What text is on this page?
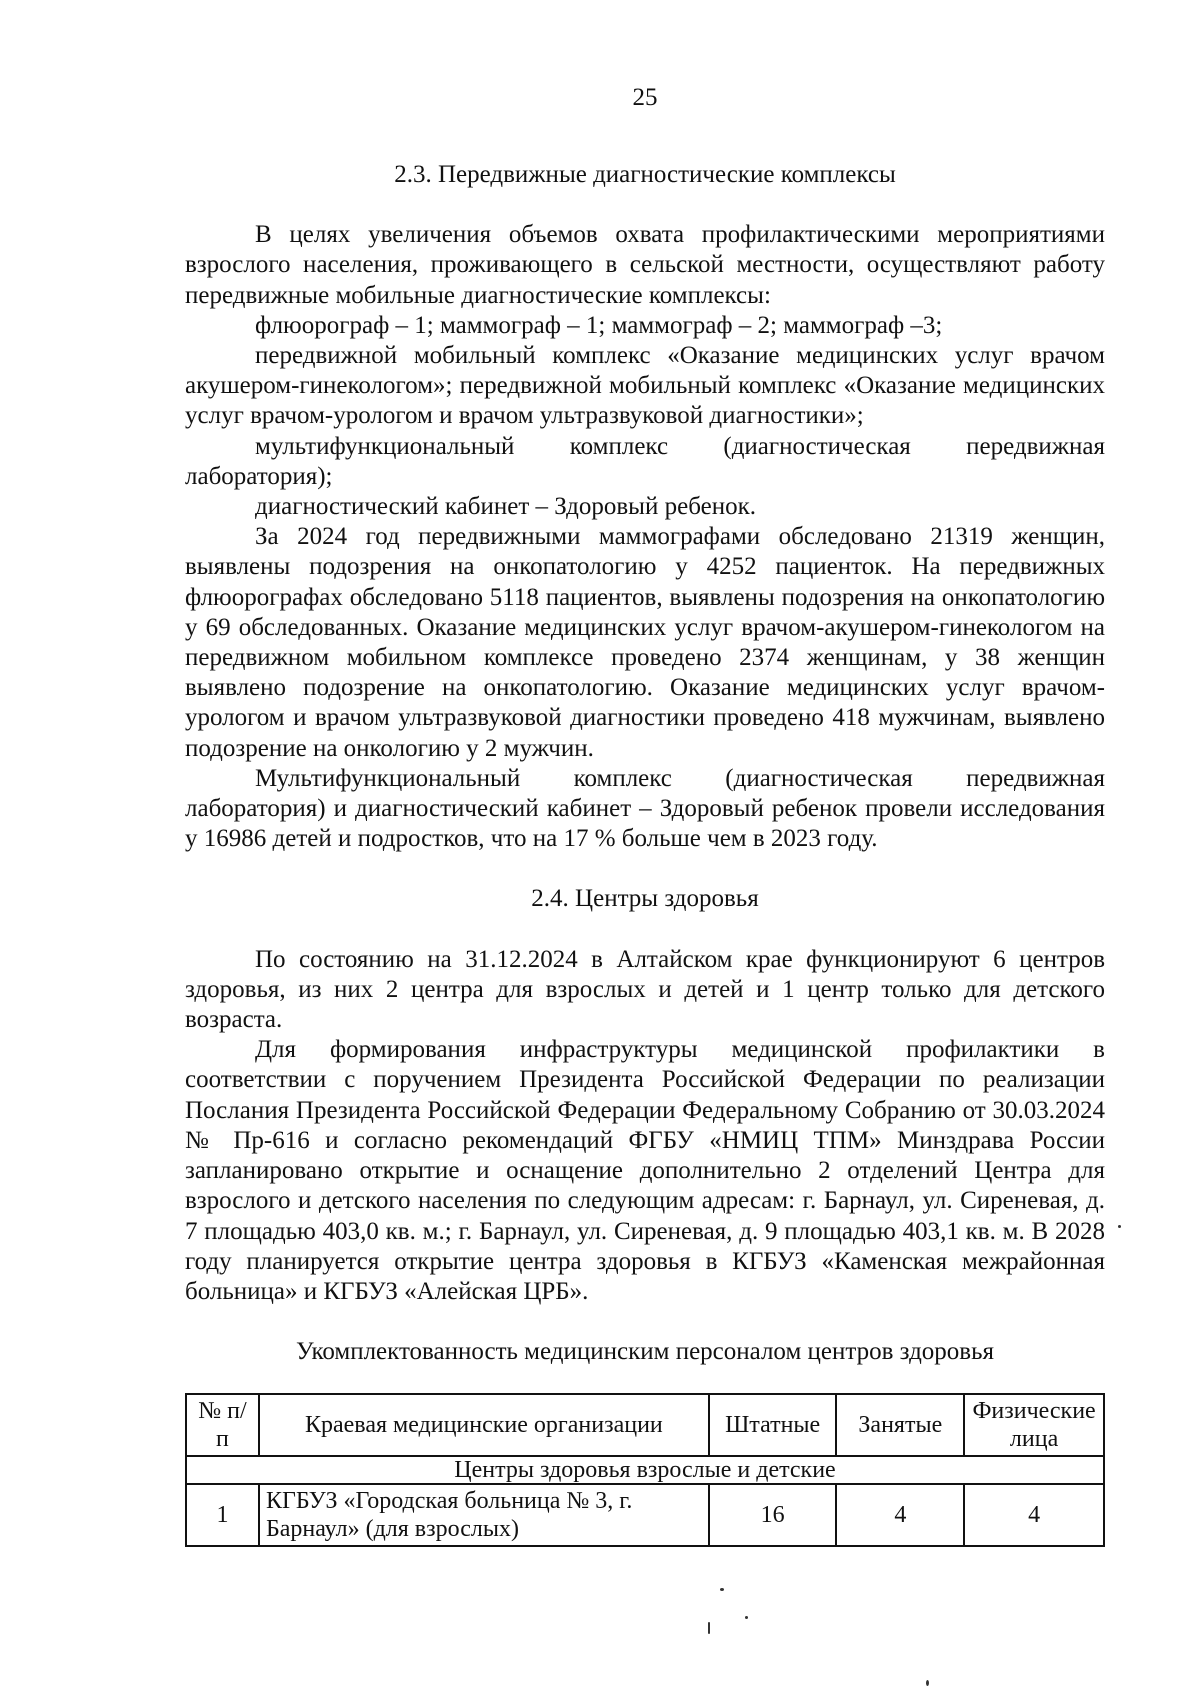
25
2.3. Передвижные диагностические комплексы

В целях увеличения объемов охвата профилактическими мероприятиями взрослого населения, проживающего в сельской местности, осуществляют работу передвижные мобильные диагностические комплексы:

флюорограф – 1; маммограф – 1; маммограф – 2; маммограф –3;

передвижной мобильный комплекс «Оказание медицинских услуг врачом акушером-гинекологом»; передвижной мобильный комплекс «Оказание медицинских услуг врачом-урологом и врачом ультразвуковой диагностики»;

мультифункциональный комплекс (диагностическая передвижная лаборатория);

диагностический кабинет – Здоровый ребенок.

За 2024 год передвижными маммографами обследовано 21319 женщин, выявлены подозрения на онкопатологию у 4252 пациенток. На передвижных флюорографах обследовано 5118 пациентов, выявлены подозрения на онкопатологию у 69 обследованных. Оказание медицинских услуг врачом-акушером-гинекологом на передвижном мобильном комплексе проведено 2374 женщинам, у 38 женщин выявлено подозрение на онкопатологию. Оказание медицинских услуг врачом-урологом и врачом ультразвуковой диагностики проведено 418 мужчинам, выявлено подозрение на онкологию у 2 мужчин.

Мультифункциональный комплекс (диагностическая передвижная лаборатория) и диагностический кабинет – Здоровый ребенок провели исследования у 16986 детей и подростков, что на 17 % больше чем в 2023 году.

2.4. Центры здоровья

По состоянию на 31.12.2024 в Алтайском крае функционируют 6 центров здоровья, из них 2 центра для взрослых и детей и 1 центр только для детского возраста.

Для формирования инфраструктуры медицинской профилактики в соответствии с поручением Президента Российской Федерации по реализации Послания Президента Российской Федерации Федеральному Собранию от 30.03.2024 № Пр-616 и согласно рекомендаций ФГБУ «НМИЦ ТПМ» Минздрава России запланировано открытие и оснащение дополнительно 2 отделений Центра для взрослого и детского населения по следующим адресам: г. Барнаул, ул. Сиреневая, д. 7 площадью 403,0 кв. м.; г. Барнаул, ул. Сиреневая, д. 9 площадью 403,1 кв. м. В 2028 году планируется открытие центра здоровья в КГБУЗ «Каменская межрайонная больница» и КГБУЗ «Алейская ЦРБ».

Укомплектованность медицинским персоналом центров здоровья
№ п/п	Краевая медицинские организации	Штатные	Занятые	Физические лица
Центры здоровья взрослые и детские				
1	КГБУЗ «Городская больница № 3, г. Барнаул» (для взрослых)	16	4	4
